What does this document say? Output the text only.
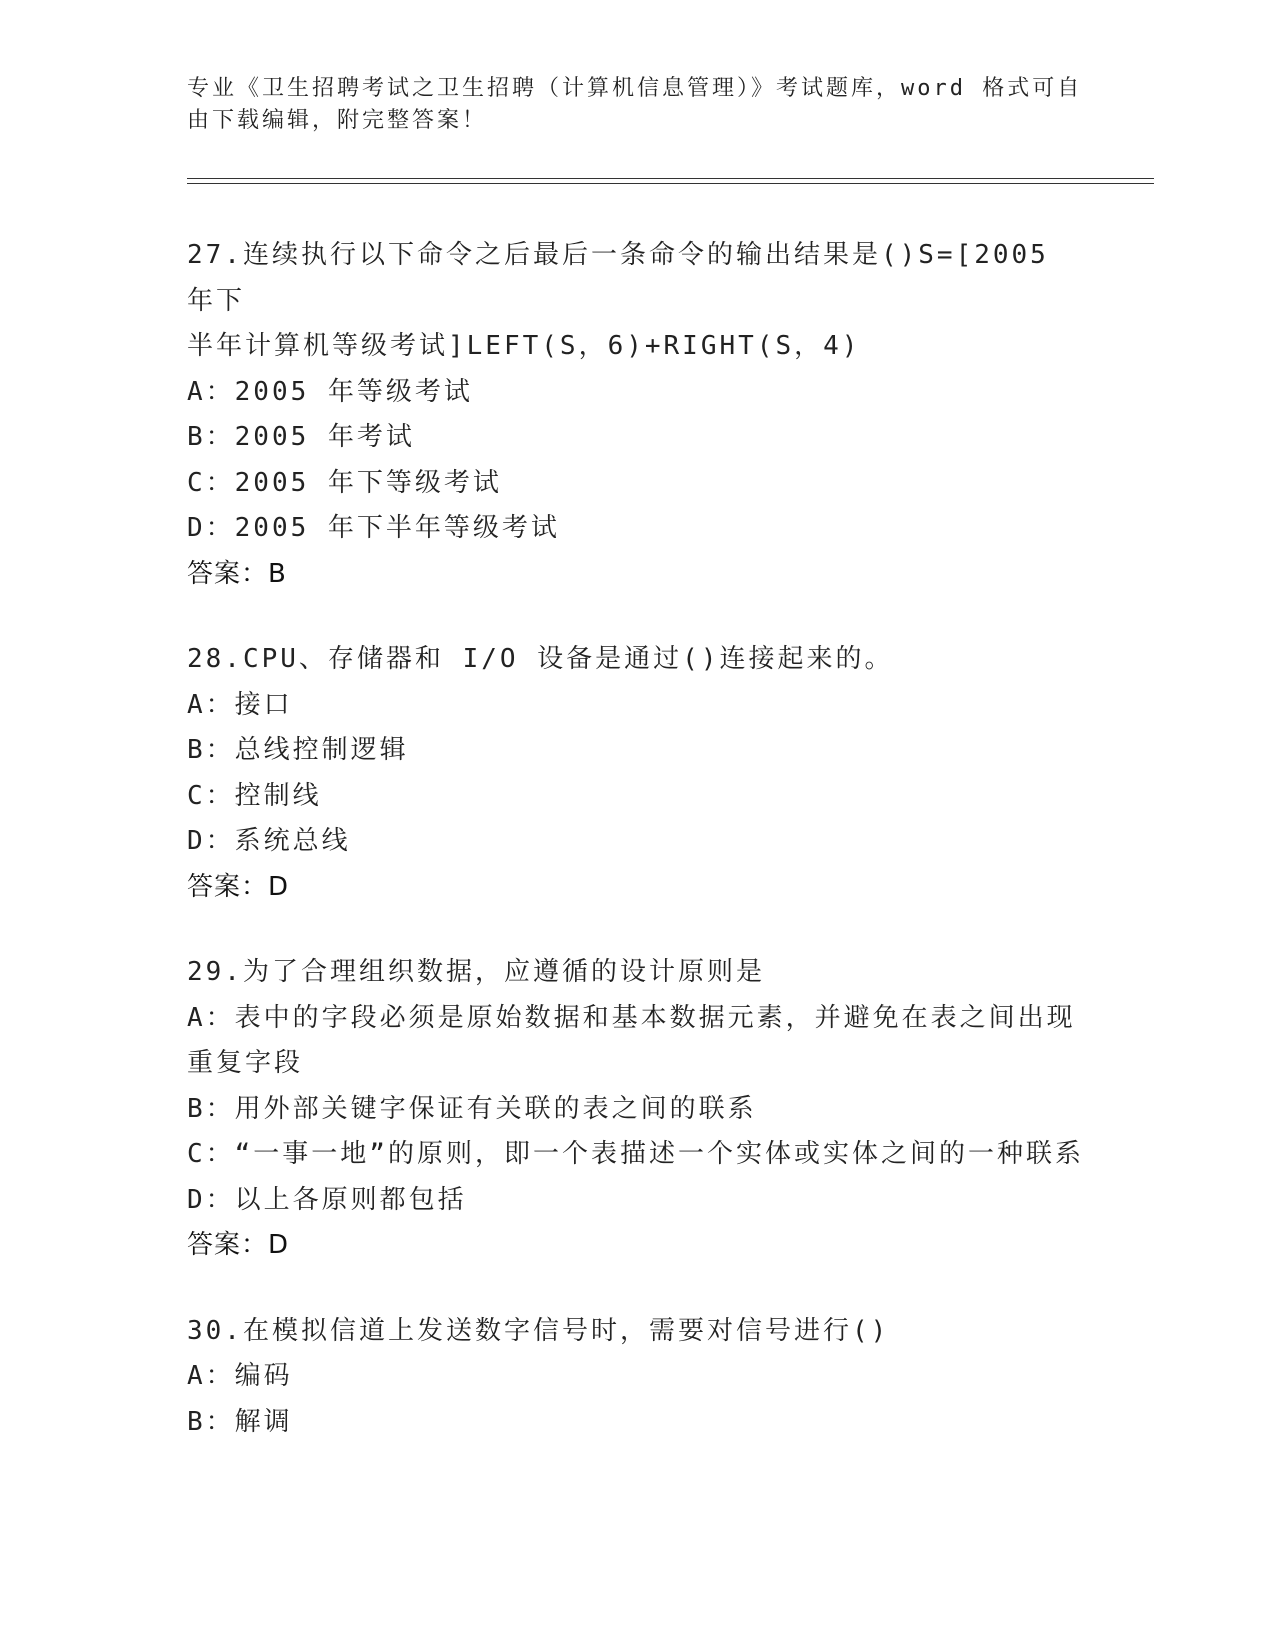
专业《卫生招聘考试之卫生招聘（计算机信息管理）》考试题库，word 格式可自由下载编辑，附完整答案！
27.连续执行以下命令之后最后一条命令的输出结果是()S=[2005 年下
半年计算机等级考试]LEFT(S，6)+RIGHT(S，4)
A：2005 年等级考试
B：2005 年考试
C：2005 年下等级考试
D：2005 年下半年等级考试
答案：B
28.CPU、存储器和 I/O 设备是通过()连接起来的。
A：接口
B：总线控制逻辑
C：控制线
D：系统总线
答案：D
29.为了合理组织数据，应遵循的设计原则是
A：表中的字段必须是原始数据和基本数据元素，并避免在表之间出现重复字段
B：用外部关键字保证有关联的表之间的联系
C：“一事一地”的原则，即一个表描述一个实体或实体之间的一种联系
D：以上各原则都包括
答案：D
30.在模拟信道上发送数字信号时，需要对信号进行()
A：编码
B：解调
